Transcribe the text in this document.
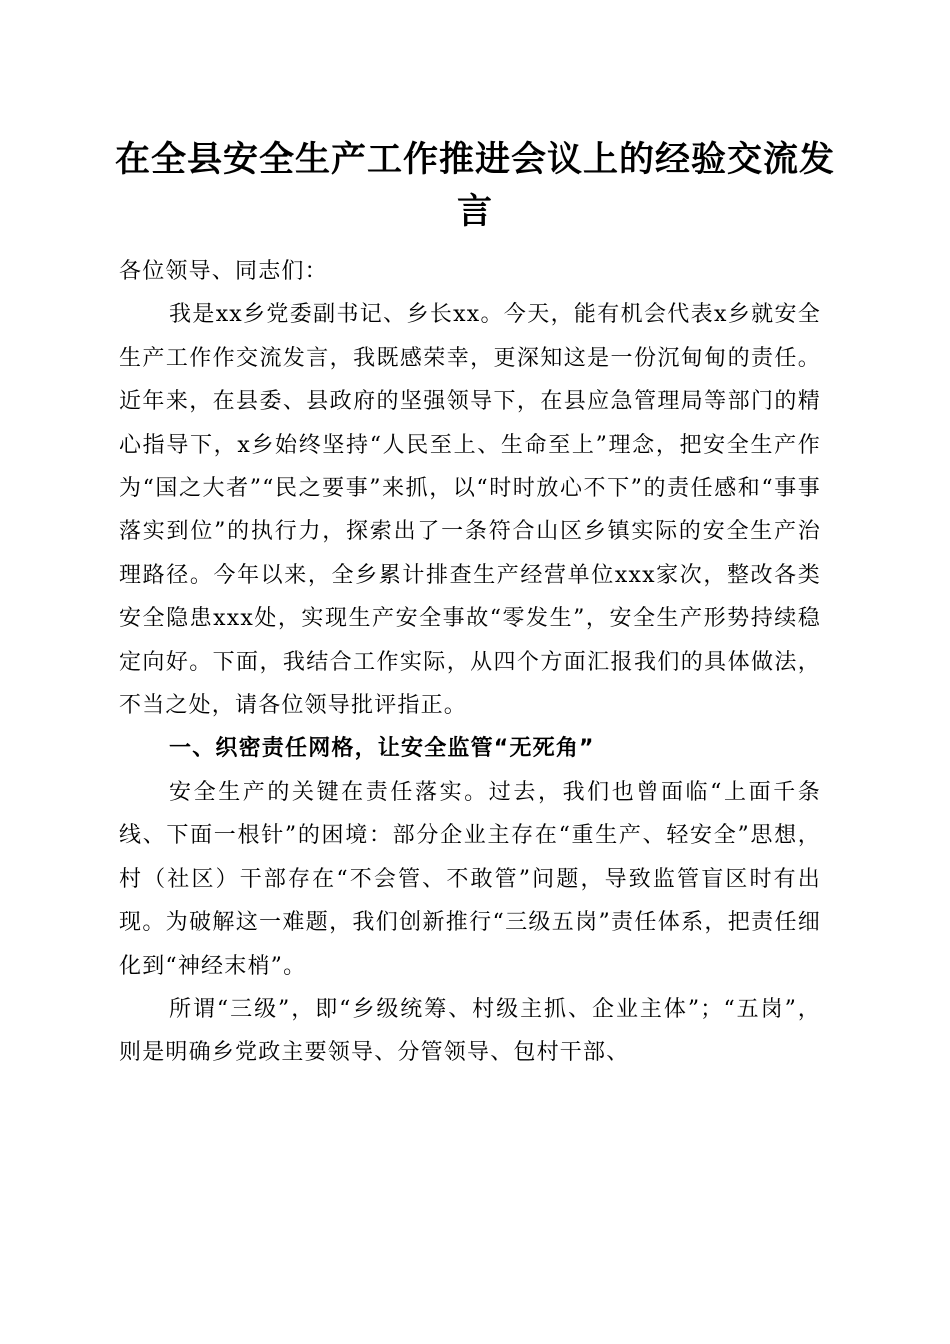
在全县安全生产工作推进会议上的经验交流发言

各位领导、同志们：

我是xx乡党委副书记、乡长xx。今天，能有机会代表x乡就安全生产工作作交流发言，我既感荣幸，更深知这是一份沉甸甸的责任。近年来，在县委、县政府的坚强领导下，在县应急管理局等部门的精心指导下，x乡始终坚持“人民至上、生命至上”理念，把安全生产作为“国之大者”“民之要事”来抓，以“时时放心不下”的责任感和“事事落实到位”的执行力，探索出了一条符合山区乡镇实际的安全生产治理路径。今年以来，全乡累计排查生产经营单位xxx家次，整改各类安全隐患xxx处，实现生产安全事故“零发生”，安全生产形势持续稳定向好。下面，我结合工作实际，从四个方面汇报我们的具体做法，不当之处，请各位领导批评指正。

一、织密责任网格，让安全监管“无死角”

安全生产的关键在责任落实。过去，我们也曾面临“上面千条线、下面一根针”的困境：部分企业主存在“重生产、轻安全”思想，村（社区）干部存在“不会管、不敢管”问题，导致监管盲区时有出现。为破解这一难题，我们创新推行“三级五岗”责任体系，把责任细化到“神经末梢”。

所谓“三级”，即“乡级统筹、村级主抓、企业主体”；“五岗”，则是明确乡党政主要领导、分管领导、包村干部、
